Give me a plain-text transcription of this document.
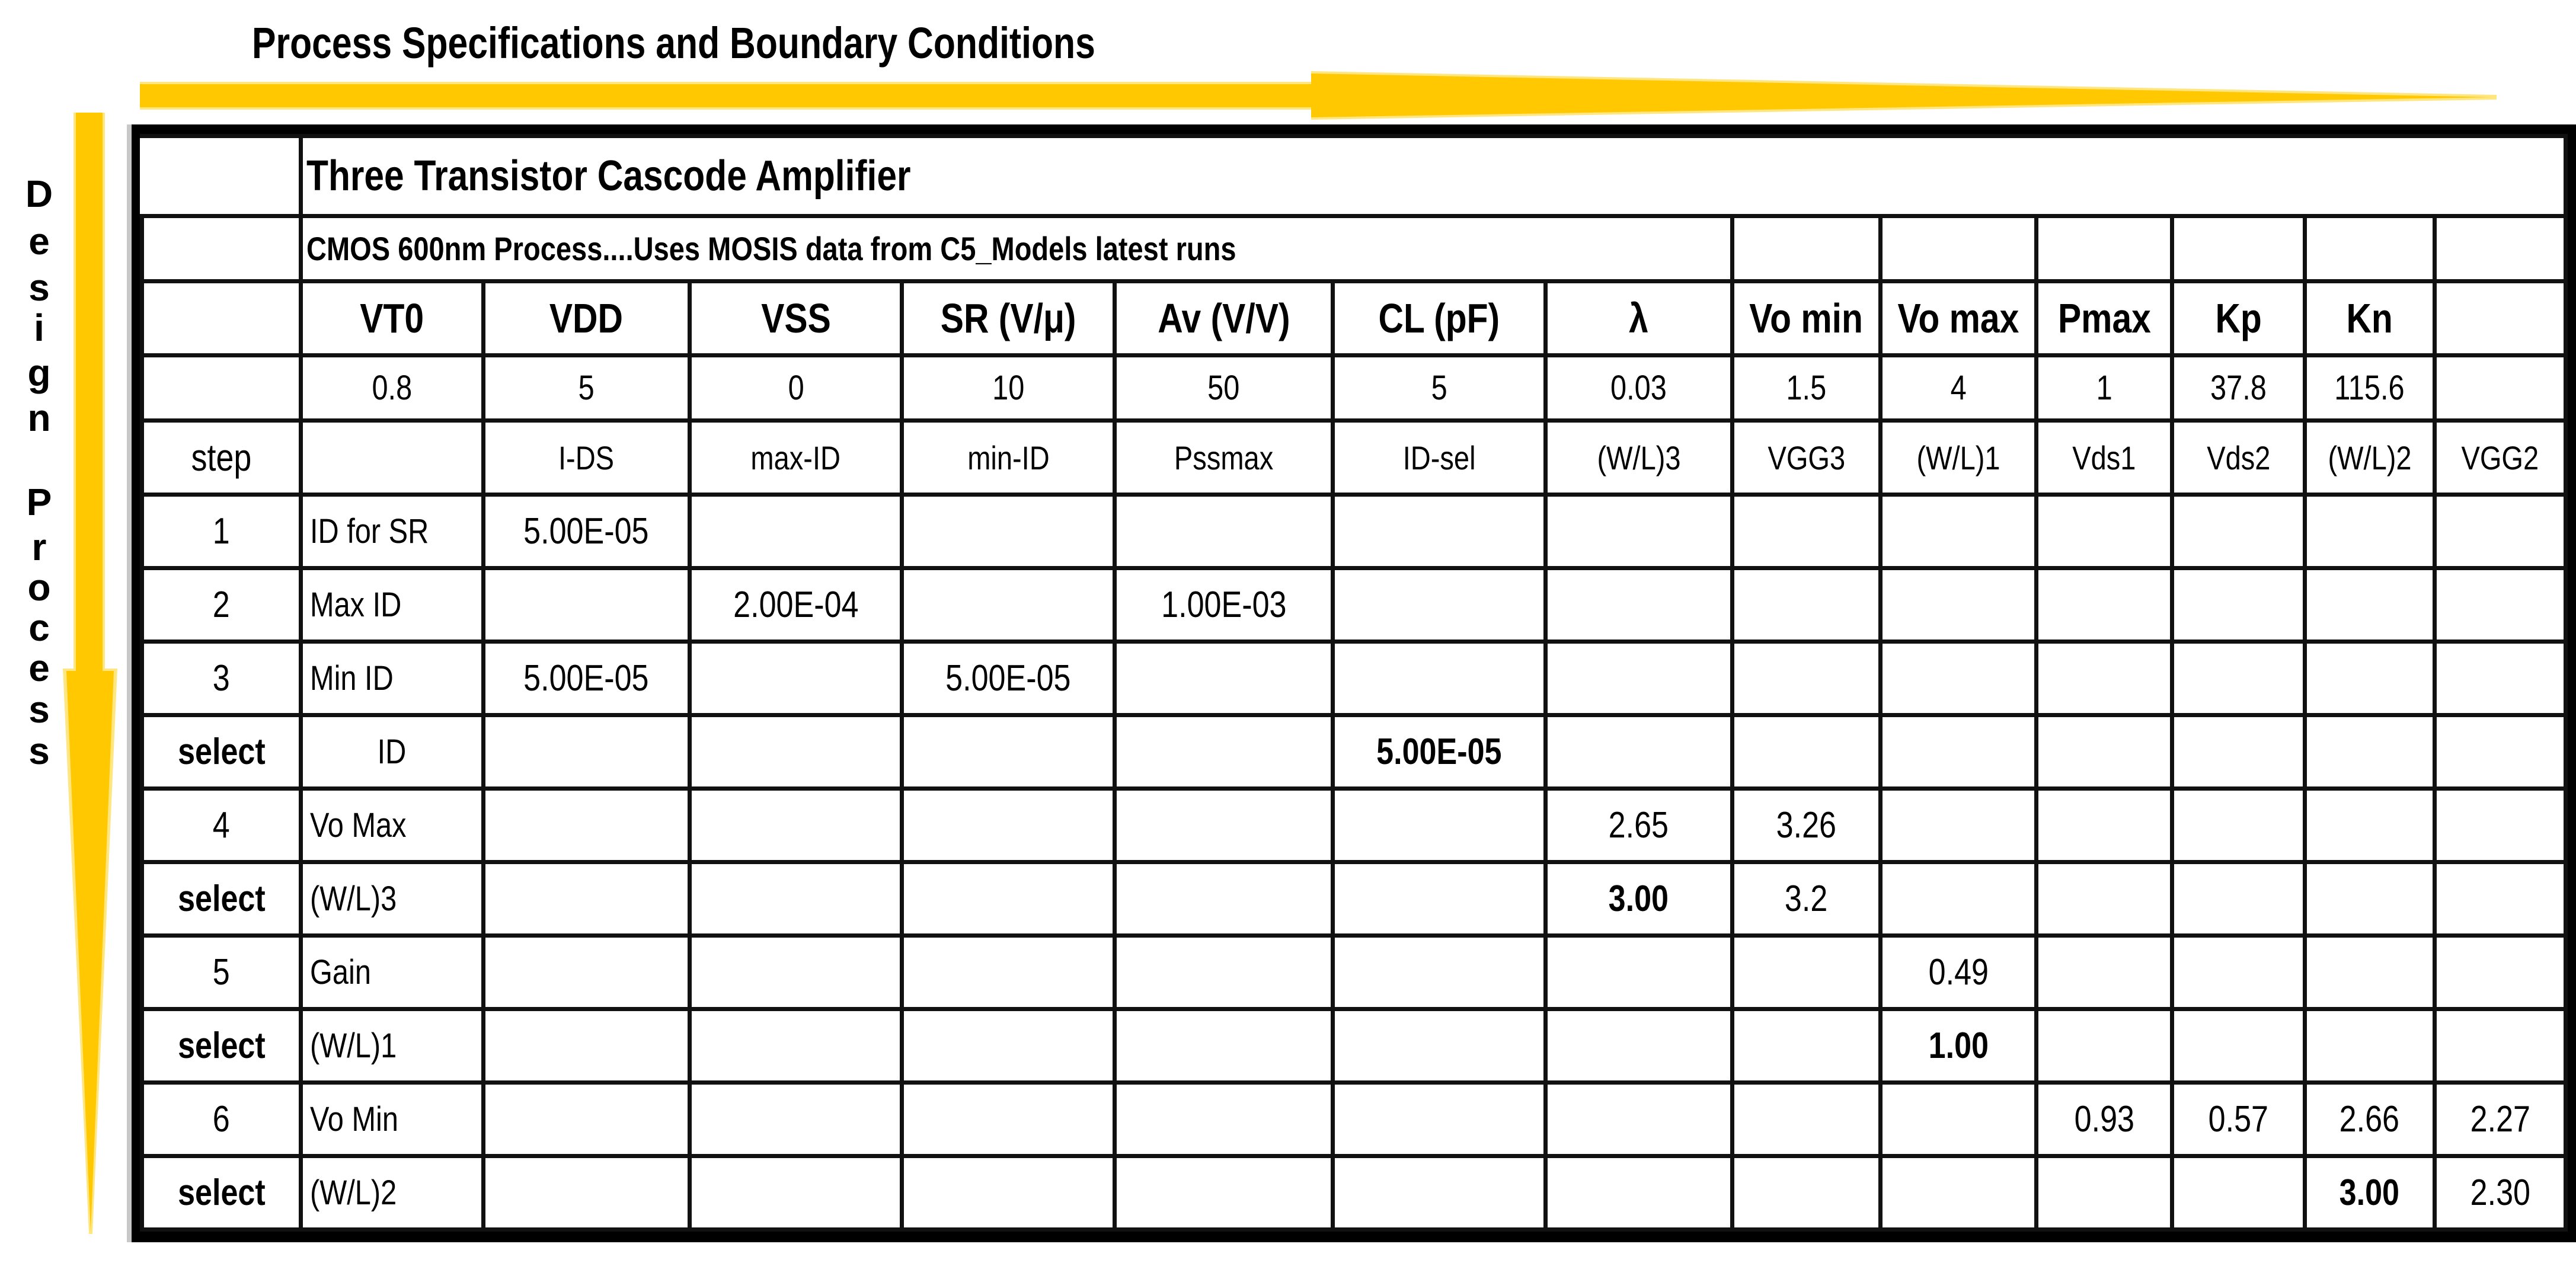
Process Specifications and Boundary Conditions
D
e
s
i
g
n
P
r
o
c
e
s
s
	Three Transistor Cascode Amplifier												
	CMOS 600nm Process....Uses MOSIS data from C5_Models latest runs												
	VT0	VDD	VSS	SR (V/μ)	Av (V/V)	CL (pF)	λ	Vo min	Vo max	Pmax	Kp	Kn	
	0.8	5	0	10	50	5	0.03	1.5	4	1	37.8	115.6	
step		I-DS	max-ID	min-ID	Pssmax	ID-sel	(W/L)3	VGG3	(W/L)1	Vds1	Vds2	(W/L)2	VGG2
1	ID for SR	5.00E-05											
2	Max ID		2.00E-04		1.00E-03								
3	Min ID	5.00E-05		5.00E-05									
select	ID					5.00E-05							
4	Vo Max						2.65	3.26					
select	(W/L)3						3.00	3.2					
5	Gain								0.49				
select	(W/L)1								1.00				
6	Vo Min									0.93	0.57	2.66	2.27
select	(W/L)2											3.00	2.30
